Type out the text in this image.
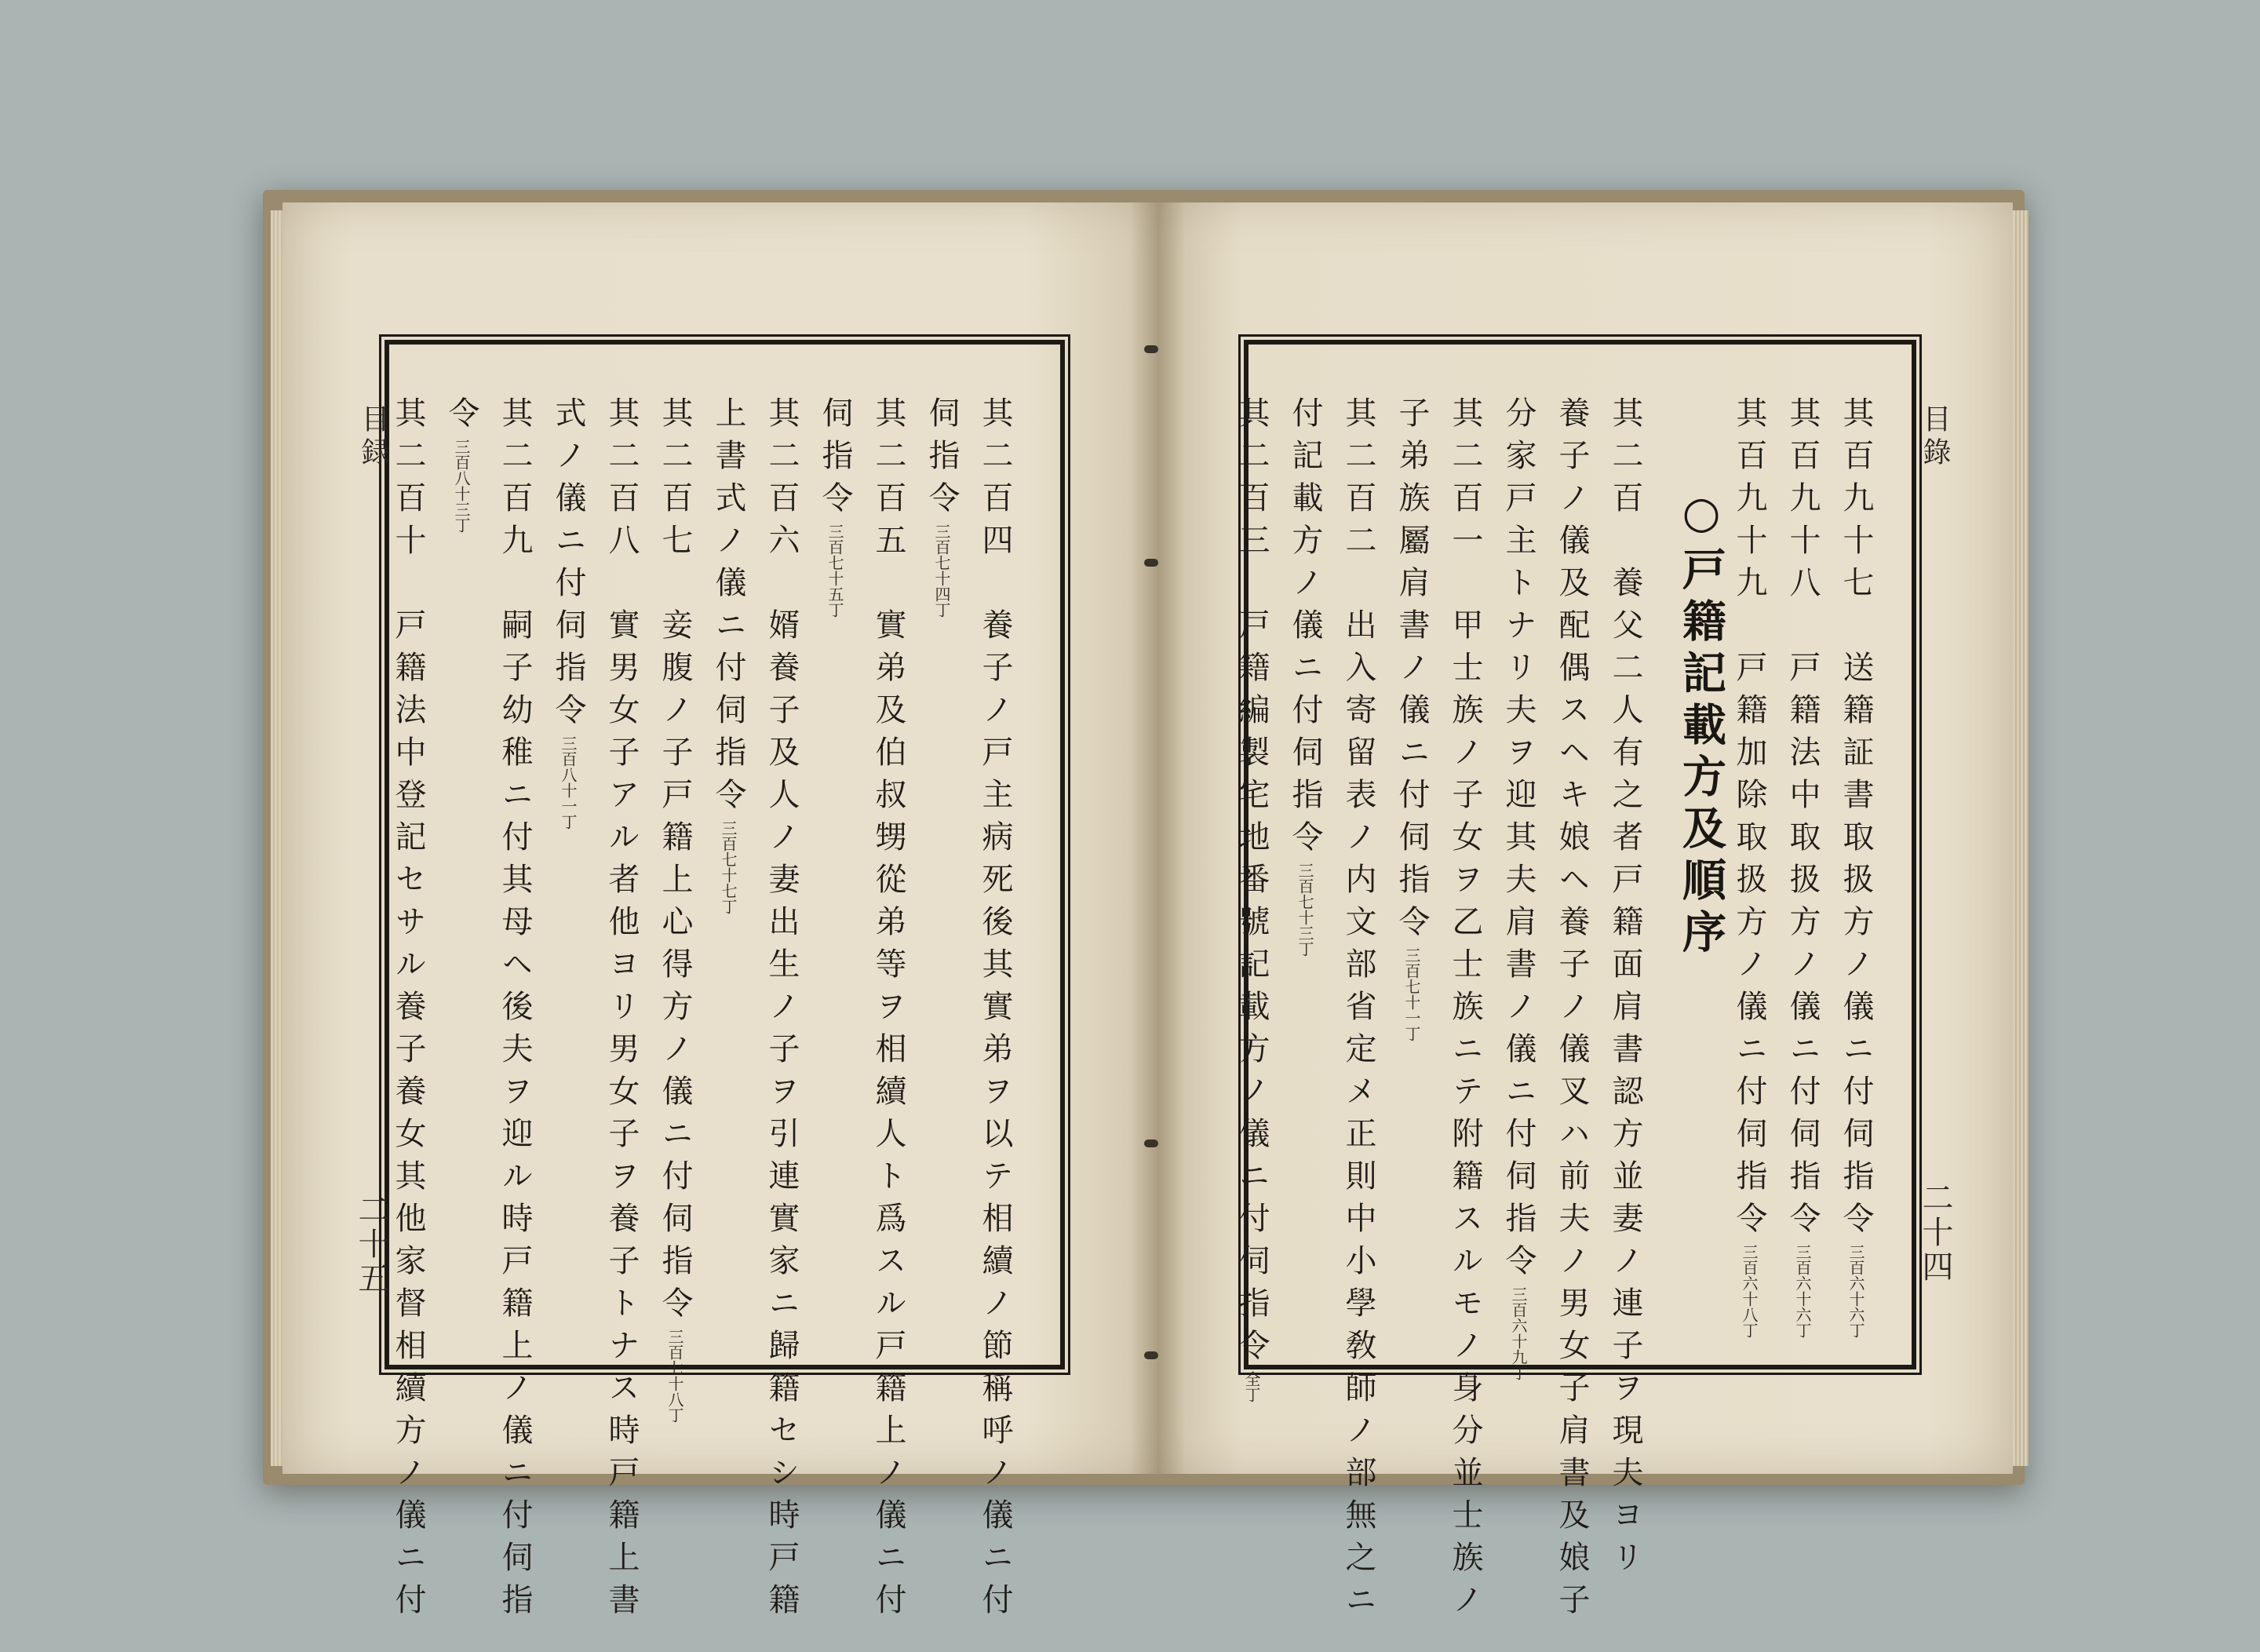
目録
二十五
目錄
二十四
其二百四　養子ノ戸主病死後其實弟ヲ以テ相續ノ節稱呼ノ儀ニ付
伺指令三百七十四丁
其二百五　實弟及伯叔甥從弟等ヲ相續人ト爲スル戸籍上ノ儀ニ付
伺指令三百七十五丁
其二百六　婿養子及人ノ妻出生ノ子ヲ引連實家ニ歸籍セシ時戸籍
上書式ノ儀ニ付伺指令三百七十七丁
其二百七　妾腹ノ子戸籍上心得方ノ儀ニ付伺指令三百七十八丁
其二百八　實男女子アル者他ヨリ男女子ヲ養子トナス時戸籍上書
式ノ儀ニ付伺指令三百八十一丁
其二百九　嗣子幼稚ニ付其母ヘ後夫ヲ迎ル時戸籍上ノ儀ニ付伺指
令三百八十三丁
其二百十　戸籍法中登記セサル養子養女其他家督相續方ノ儀ニ付	其百九十七　送籍証書取扱方ノ儀ニ付伺指令三百六十六丁
其百九十八　戸籍法中取扱方ノ儀ニ付伺指令三百六十六丁
其百九十九　戸籍加除取扱方ノ儀ニ付伺指令三百六十八丁
其二百　養父二人有之者戸籍面肩書認方並妻ノ連子ヲ現夫ヨリ
養子ノ儀及配偶スヘキ娘ヘ養子ノ儀叉ハ前夫ノ男女子肩書及娘子
分家戸主トナリ夫ヲ迎其夫肩書ノ儀ニ付伺指令三百六十九丁
其二百一　甲士族ノ子女ヲ乙士族ニテ附籍スルモノ身分並士族ノ
子弟族屬肩書ノ儀ニ付伺指令三百七十一丁
其二百二　出入寄留表ノ内文部省定メ正則中小學敎師ノ部無之ニ
付記載方ノ儀ニ付伺指令三百七十三丁
其二百三　戸籍編製宅地番號記載方ノ儀ニ付伺指令全丁
○戸籍記載方及順序
